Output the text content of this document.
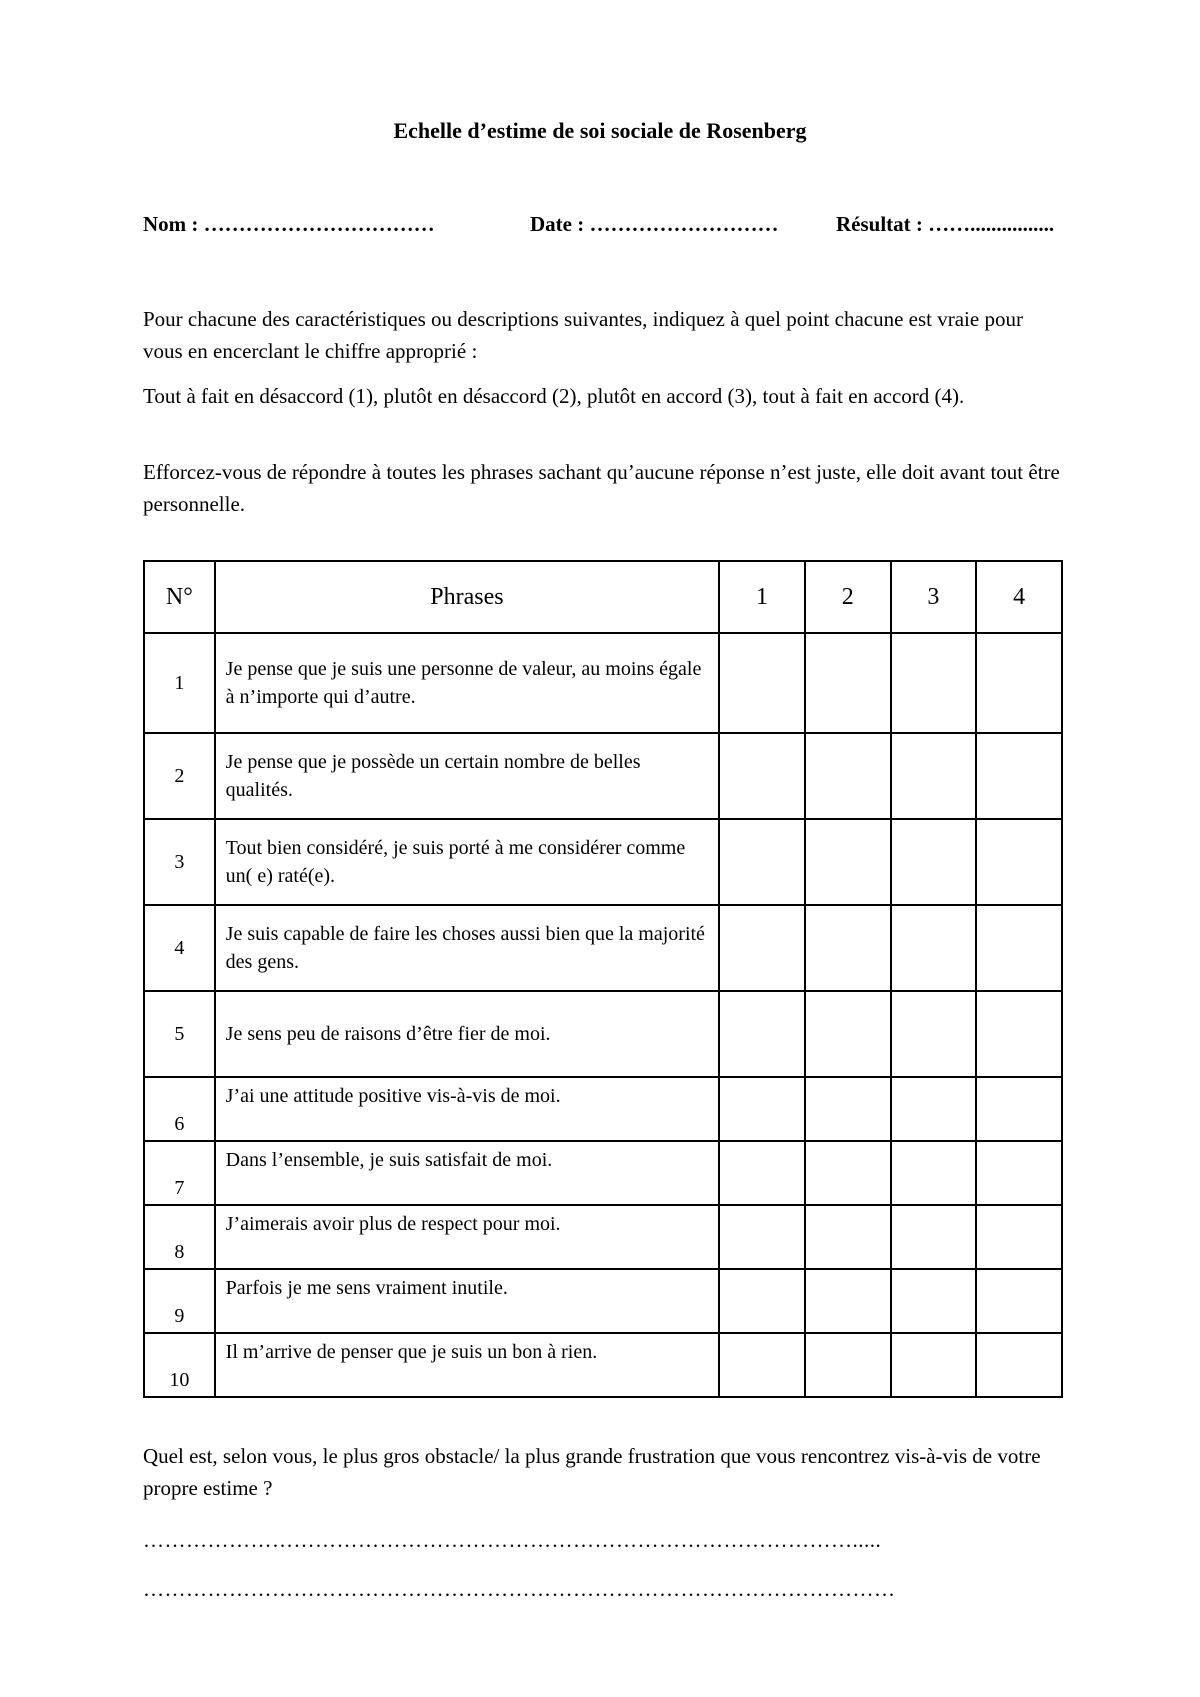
Echelle d’estime de soi sociale de Rosenberg
Nom : ……………………………	Date : ………………………	Résultat : ……................
Pour chacune des caractéristiques ou descriptions suivantes, indiquez à quel point chacune est vraie pour vous en encerclant le chiffre approprié :
Tout à fait en désaccord (1), plutôt en désaccord (2), plutôt en accord (3), tout à fait en accord (4).
Efforcez-vous de répondre à toutes les phrases sachant qu’aucune réponse n’est juste, elle doit avant tout être personnelle.
N°	Phrases	1	2	3	4
1	Je pense que je suis une personne de valeur, au moins égale à n’importe qui d’autre.				
2	Je pense que je possède un certain nombre de belles qualités.				
3	Tout bien considéré, je suis porté à me considérer comme un( e) raté(e).				
4	Je suis capable de faire les choses aussi bien que la majorité des gens.				
5	Je sens peu de raisons d’être fier de moi.				
6	J’ai une attitude positive vis-à-vis de moi.				
7	Dans l’ensemble, je suis satisfait de moi.				
8	J’aimerais avoir plus de respect pour moi.				
9	Parfois je me sens vraiment inutile.				
10	Il m’arrive de penser que je suis un bon à rien.				
Quel est, selon vous, le plus gros obstacle/ la plus grande frustration que vous rencontrez vis-à-vis de votre propre estime ?
……………………………………………………………………………………….....
……………………………………………………………………………………………
